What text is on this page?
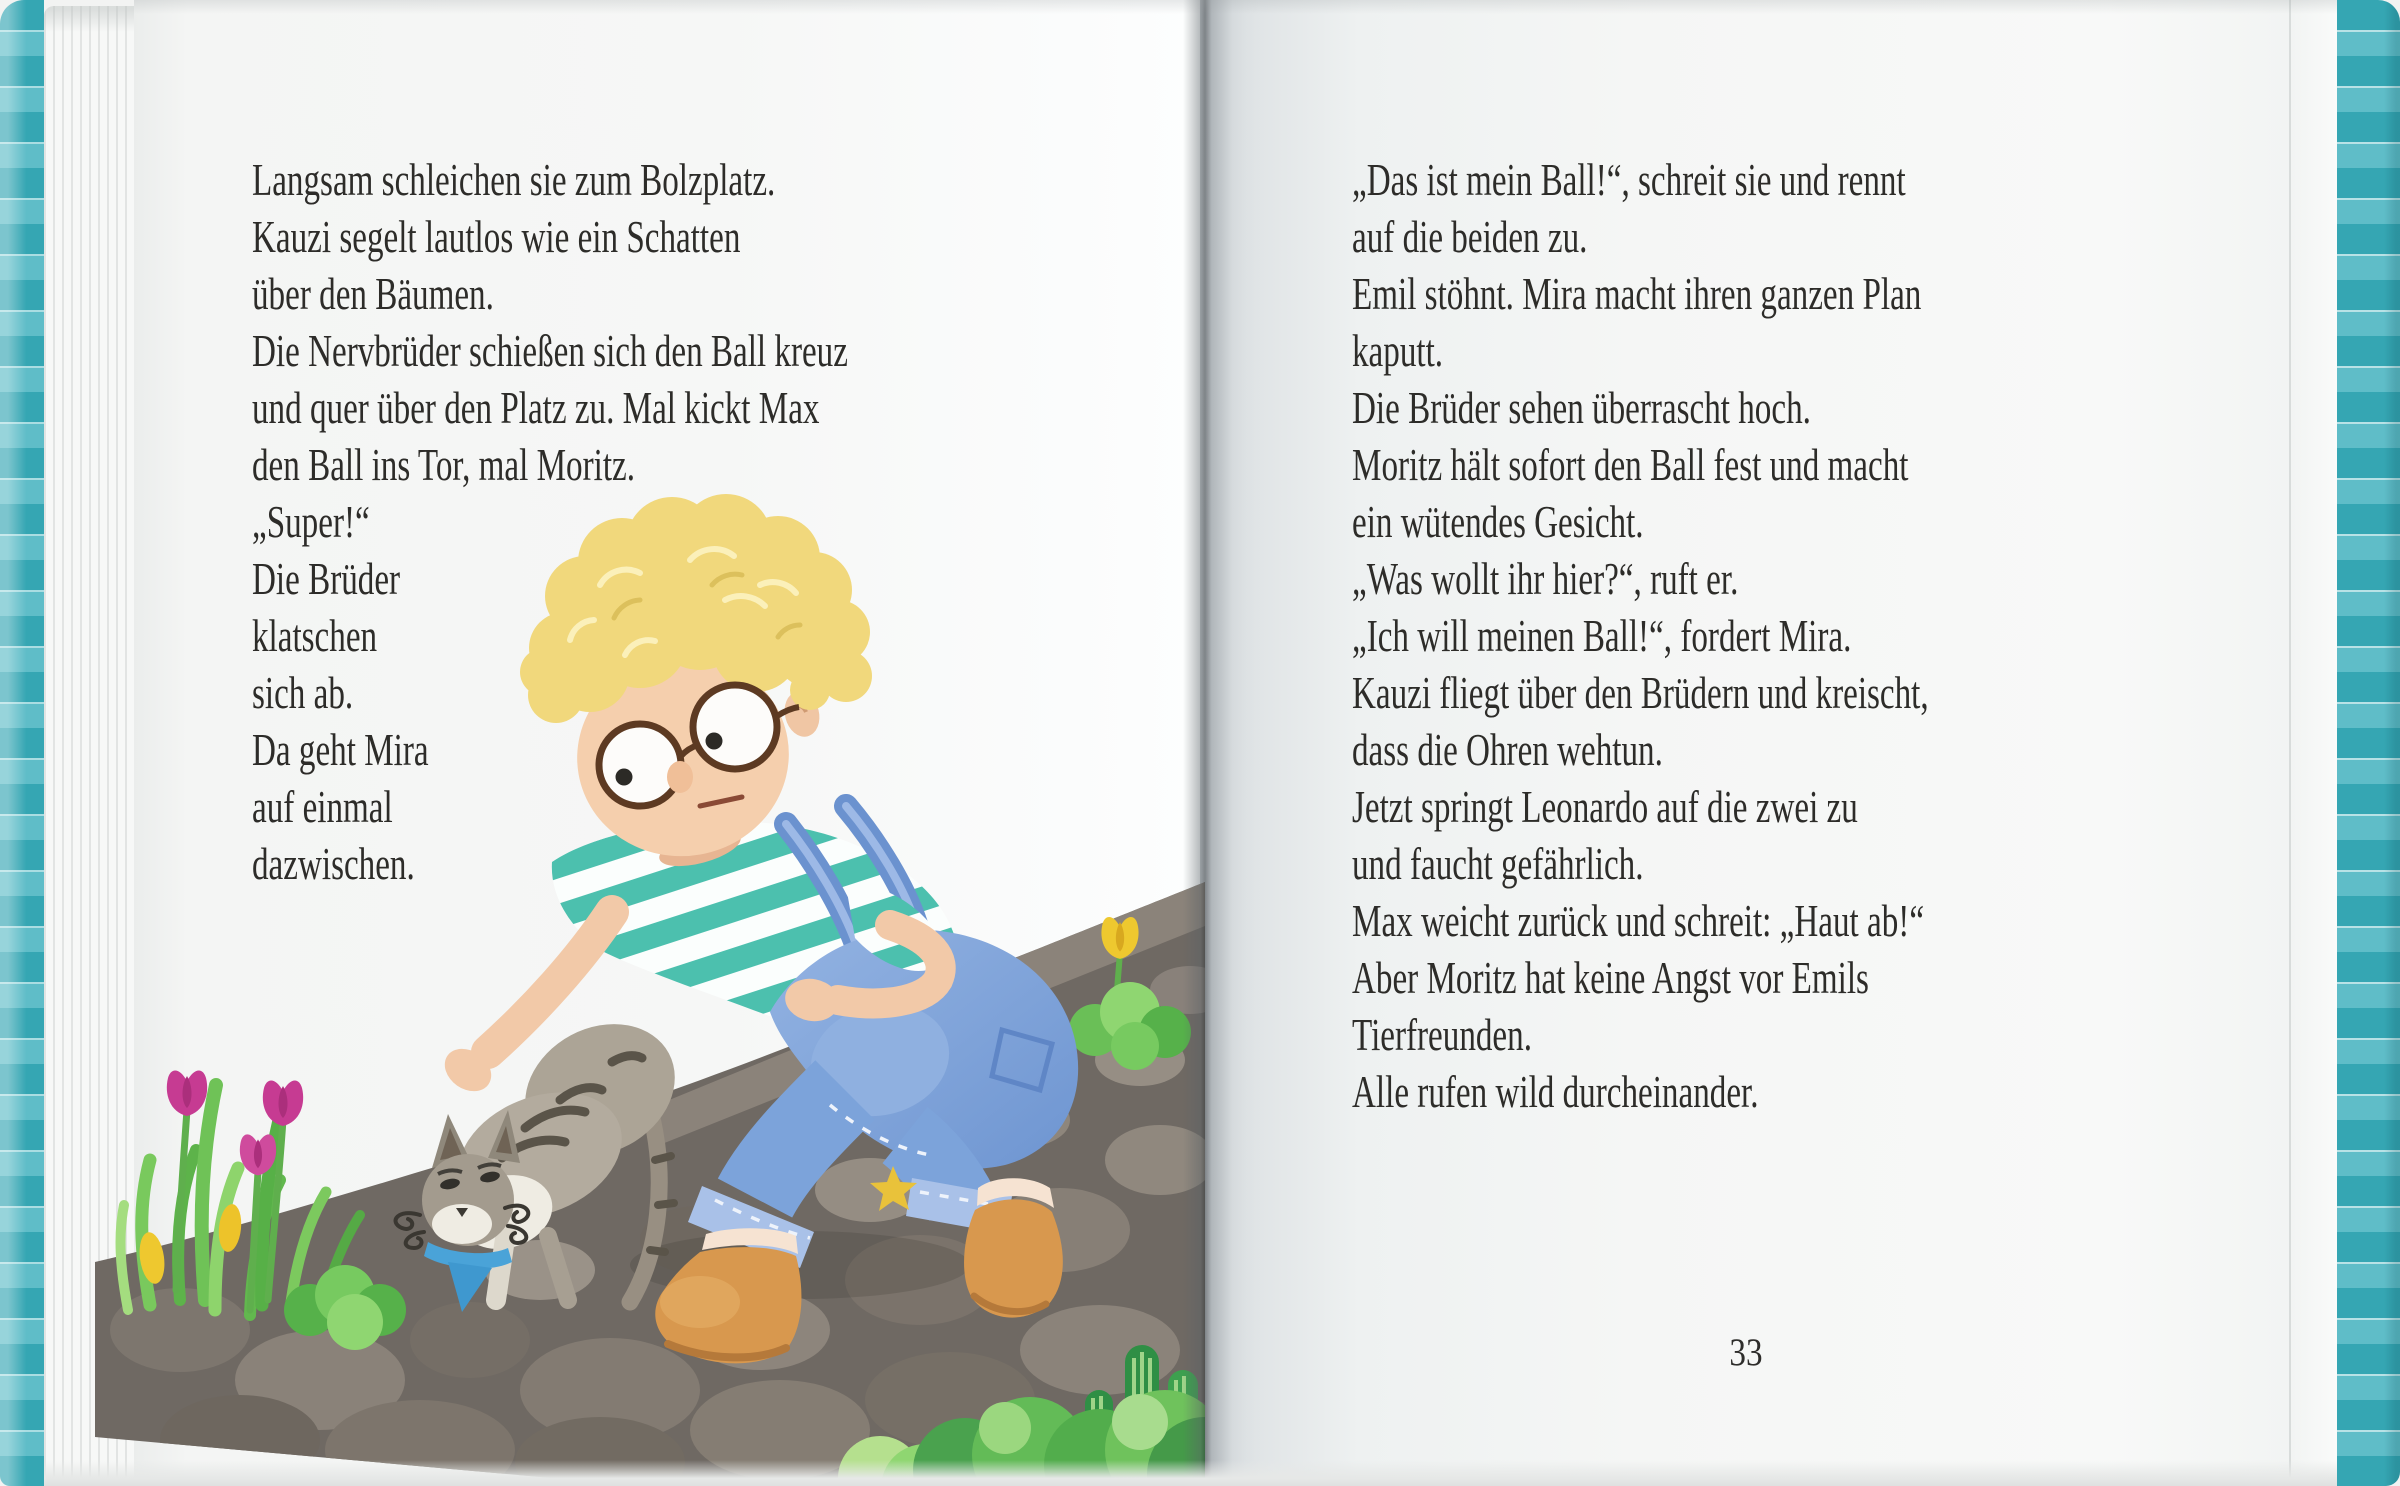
Langsam schleichen sie zum Bolzplatz.
Kauzi segelt lautlos wie ein Schatten
über den Bäumen.
Die Nervbrüder schießen sich den Ball kreuz
und quer über den Platz zu. Mal kickt Max
den Ball ins Tor, mal Moritz.
„Super!“
Die Brüder
klatschen
sich ab.
Da geht Mira
auf einmal
dazwischen.
„Das ist mein Ball!“, schreit sie und rennt
auf die beiden zu.
Emil stöhnt. Mira macht ihren ganzen Plan
kaputt.
Die Brüder sehen überrascht hoch.
Moritz hält sofort den Ball fest und macht
ein wütendes Gesicht.
„Was wollt ihr hier?“, ruft er.
„Ich will meinen Ball!“, fordert Mira.
Kauzi fliegt über den Brüdern und kreischt,
dass die Ohren wehtun.
Jetzt springt Leonardo auf die zwei zu
und faucht gefährlich.
Max weicht zurück und schreit: „Haut ab!“
Aber Moritz hat keine Angst vor Emils
Tierfreunden.
Alle rufen wild durcheinander.
33
